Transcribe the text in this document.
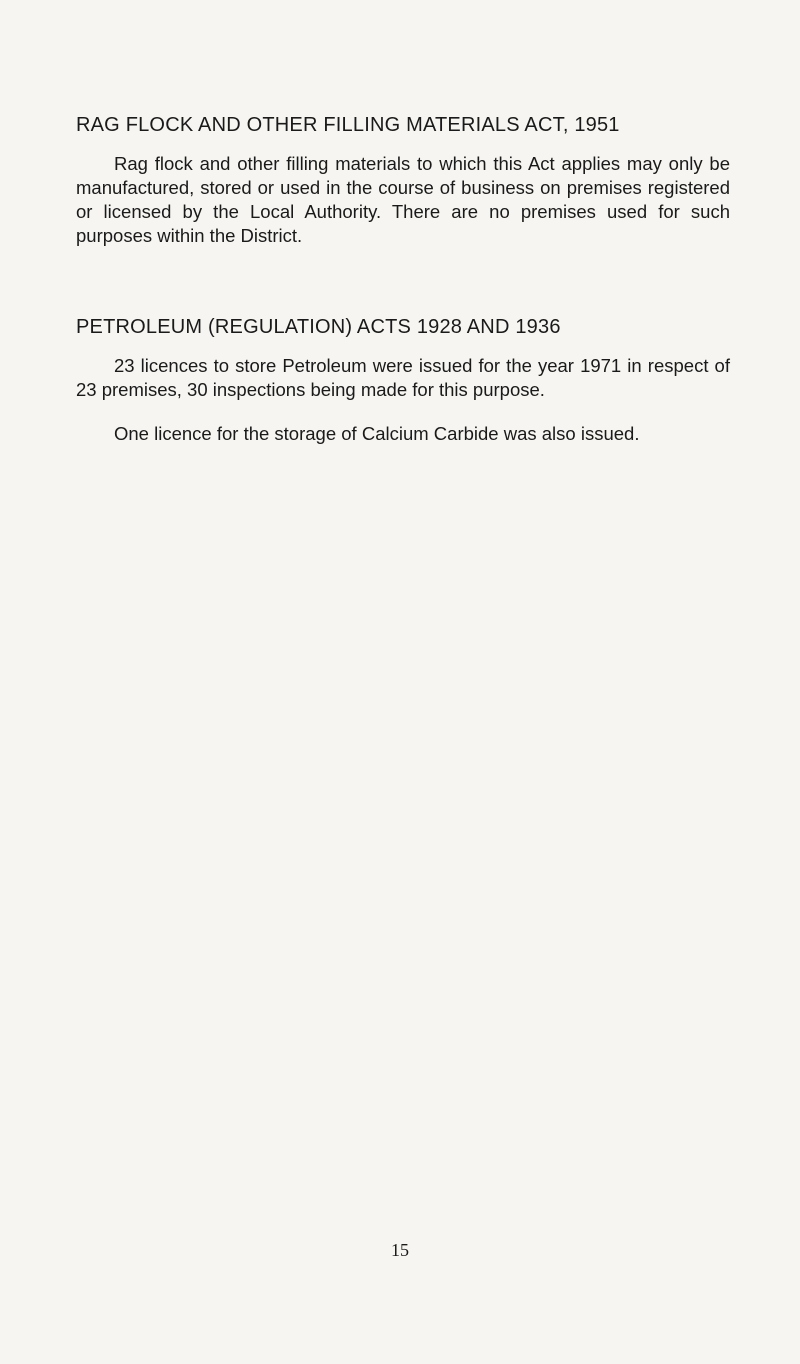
RAG FLOCK AND OTHER FILLING MATERIALS ACT, 1951

Rag flock and other filling materials to which this Act applies may only be manufactured, stored or used in the course of business on premises registered or licensed by the Local Authority. There are no premises used for such purposes within the District.

PETROLEUM (REGULATION) ACTS 1928 AND 1936

23 licences to store Petroleum were issued for the year 1971 in respect of 23 premises, 30 inspections being made for this purpose.

One licence for the storage of Calcium Carbide was also issued.

15
